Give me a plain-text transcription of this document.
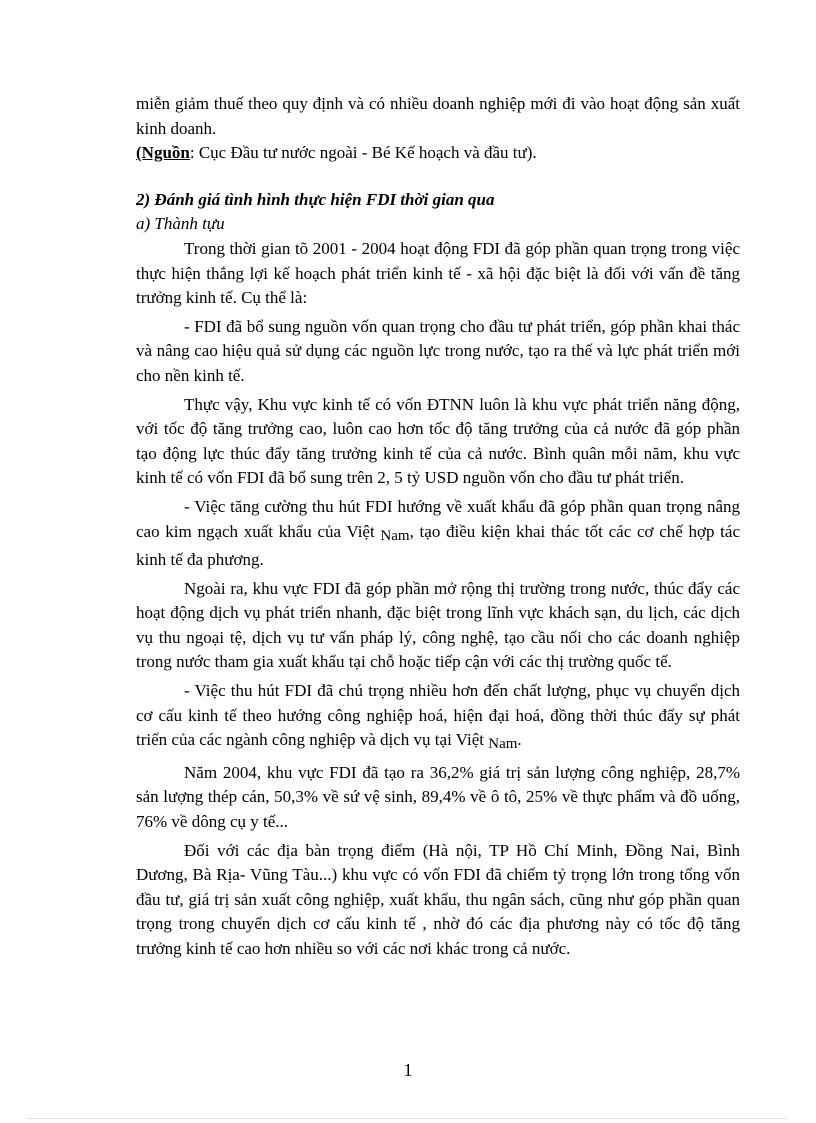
miễn giảm thuế theo quy định và có nhiều doanh nghiệp mới đi vào hoạt động sản xuất kinh doanh.

(Nguồn: Cục Đầu tư nước ngoài - Bé Kế hoạch và đầu tư).

2) Đánh giá tình hình thực hiện FDI thời gian qua
a) Thành tựu

Trong thời gian tõ 2001 - 2004 hoạt động FDI đã góp phần quan trọng trong việc thực hiện thắng lợi kế hoạch phát triển kinh tế - xã hội đặc biệt là đối với vấn đề tăng trưởng kinh tế. Cụ thể là:

- FDI đã bổ sung nguồn vốn quan trọng cho đầu tư phát triển, góp phần khai thác và nâng cao hiệu quả sử dụng các nguồn lực trong nước, tạo ra thế và lực phát triển mới cho nền kinh tế.

Thực vậy, Khu vực kinh tế có vốn ĐTNN luôn là khu vực phát triển năng động, với tốc độ tăng trưởng cao, luôn cao hơn tốc độ tăng trưởng của cả nước đã góp phần tạo động lực thúc đẩy tăng trưởng kinh tế của cả nước. Bình quân mỗi năm, khu vực kinh tế có vốn FDI đã bổ sung trên 2, 5 tỷ USD nguồn vốn cho đầu tư phát triển.

- Việc tăng cường thu hút FDI hướng về xuất khẩu đã góp phần quan trọng nâng cao kim ngạch xuất khẩu của Việt Nam, tạo điều kiện khai thác tốt các cơ chế hợp tác kinh tế đa phương.

Ngoài ra, khu vực FDI đã góp phần mở rộng thị trường trong nước, thúc đẩy các hoạt động dịch vụ phát triển nhanh, đặc biệt trong lĩnh vực khách sạn, du lịch, các dịch vụ thu ngoại tệ, dịch vụ tư vấn pháp lý, công nghệ, tạo cầu nối cho các doanh nghiệp trong nước tham gia xuất khẩu tại chỗ hoặc tiếp cận với các thị trường quốc tế.

- Việc thu hút FDI đã chú trọng nhiều hơn đến chất lượng, phục vụ chuyển dịch cơ cấu kinh tế theo hướng công nghiệp hoá, hiện đại hoá, đồng thời thúc đẩy sự phát triển của các ngành công nghiệp và dịch vụ tại Việt Nam.

Năm 2004, khu vực FDI đã tạo ra 36,2% giá trị sản lượng công nghiệp, 28,7% sản lượng thép cán, 50,3% về sứ vệ sinh, 89,4% về ô tô, 25% về thực phẩm và đồ uống, 76% về dông cụ y tế...

Đối với các địa bàn trọng điểm (Hà nội, TP Hồ Chí Minh, Đồng Nai, Bình Dương, Bà Rịa- Vũng Tàu...) khu vực có vốn FDI đã chiếm tỷ trọng lớn trong tổng vốn đầu tư, giá trị sản xuất công nghiệp, xuất khẩu, thu ngân sách, cũng như góp phần quan trọng trong chuyển dịch cơ cấu kinh tế , nhờ đó các địa phương này có tốc độ tăng trưởng kinh tế cao hơn nhiều so với các nơi khác trong cả nước.

1
